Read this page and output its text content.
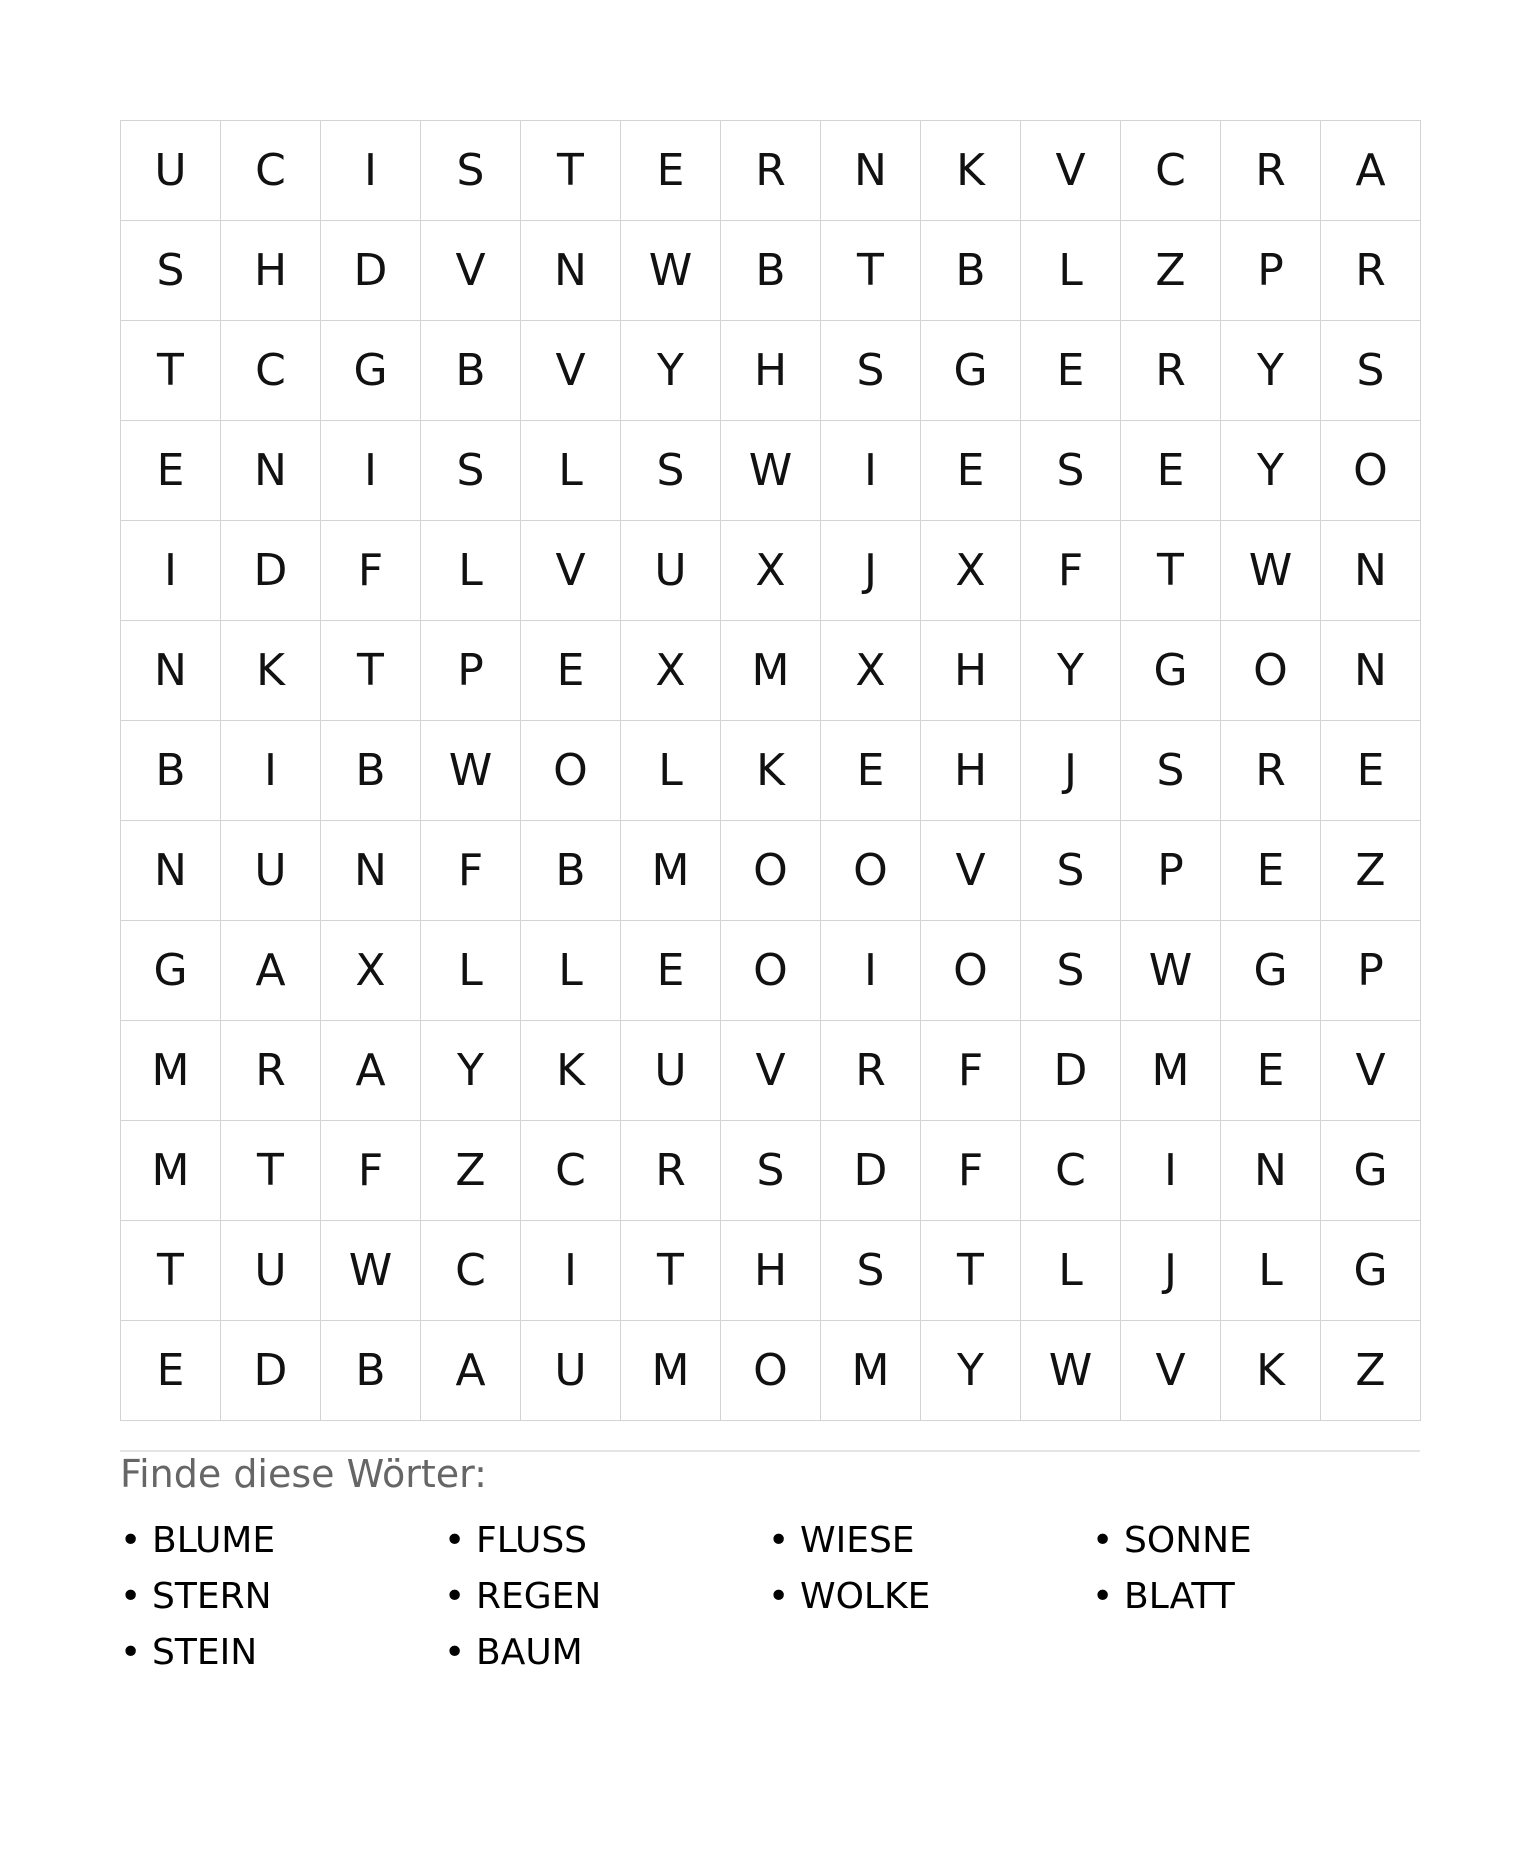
U	C	I	S	T	E	R	N	K	V	C	R	A
S	H	D	V	N	W	B	T	B	L	Z	P	R
T	C	G	B	V	Y	H	S	G	E	R	Y	S
E	N	I	S	L	S	W	I	E	S	E	Y	O
I	D	F	L	V	U	X	J	X	F	T	W	N
N	K	T	P	E	X	M	X	H	Y	G	O	N
B	I	B	W	O	L	K	E	H	J	S	R	E
N	U	N	F	B	M	O	O	V	S	P	E	Z
G	A	X	L	L	E	O	I	O	S	W	G	P
M	R	A	Y	K	U	V	R	F	D	M	E	V
M	T	F	Z	C	R	S	D	F	C	I	N	G
T	U	W	C	I	T	H	S	T	L	J	L	G
E	D	B	A	U	M	O	M	Y	W	V	K	Z
Finde diese Wörter:
• BLUME	• FLUSS	• WIESE	• SONNE
• STERN	• REGEN	• WOLKE	• BLATT
• STEIN	• BAUM
